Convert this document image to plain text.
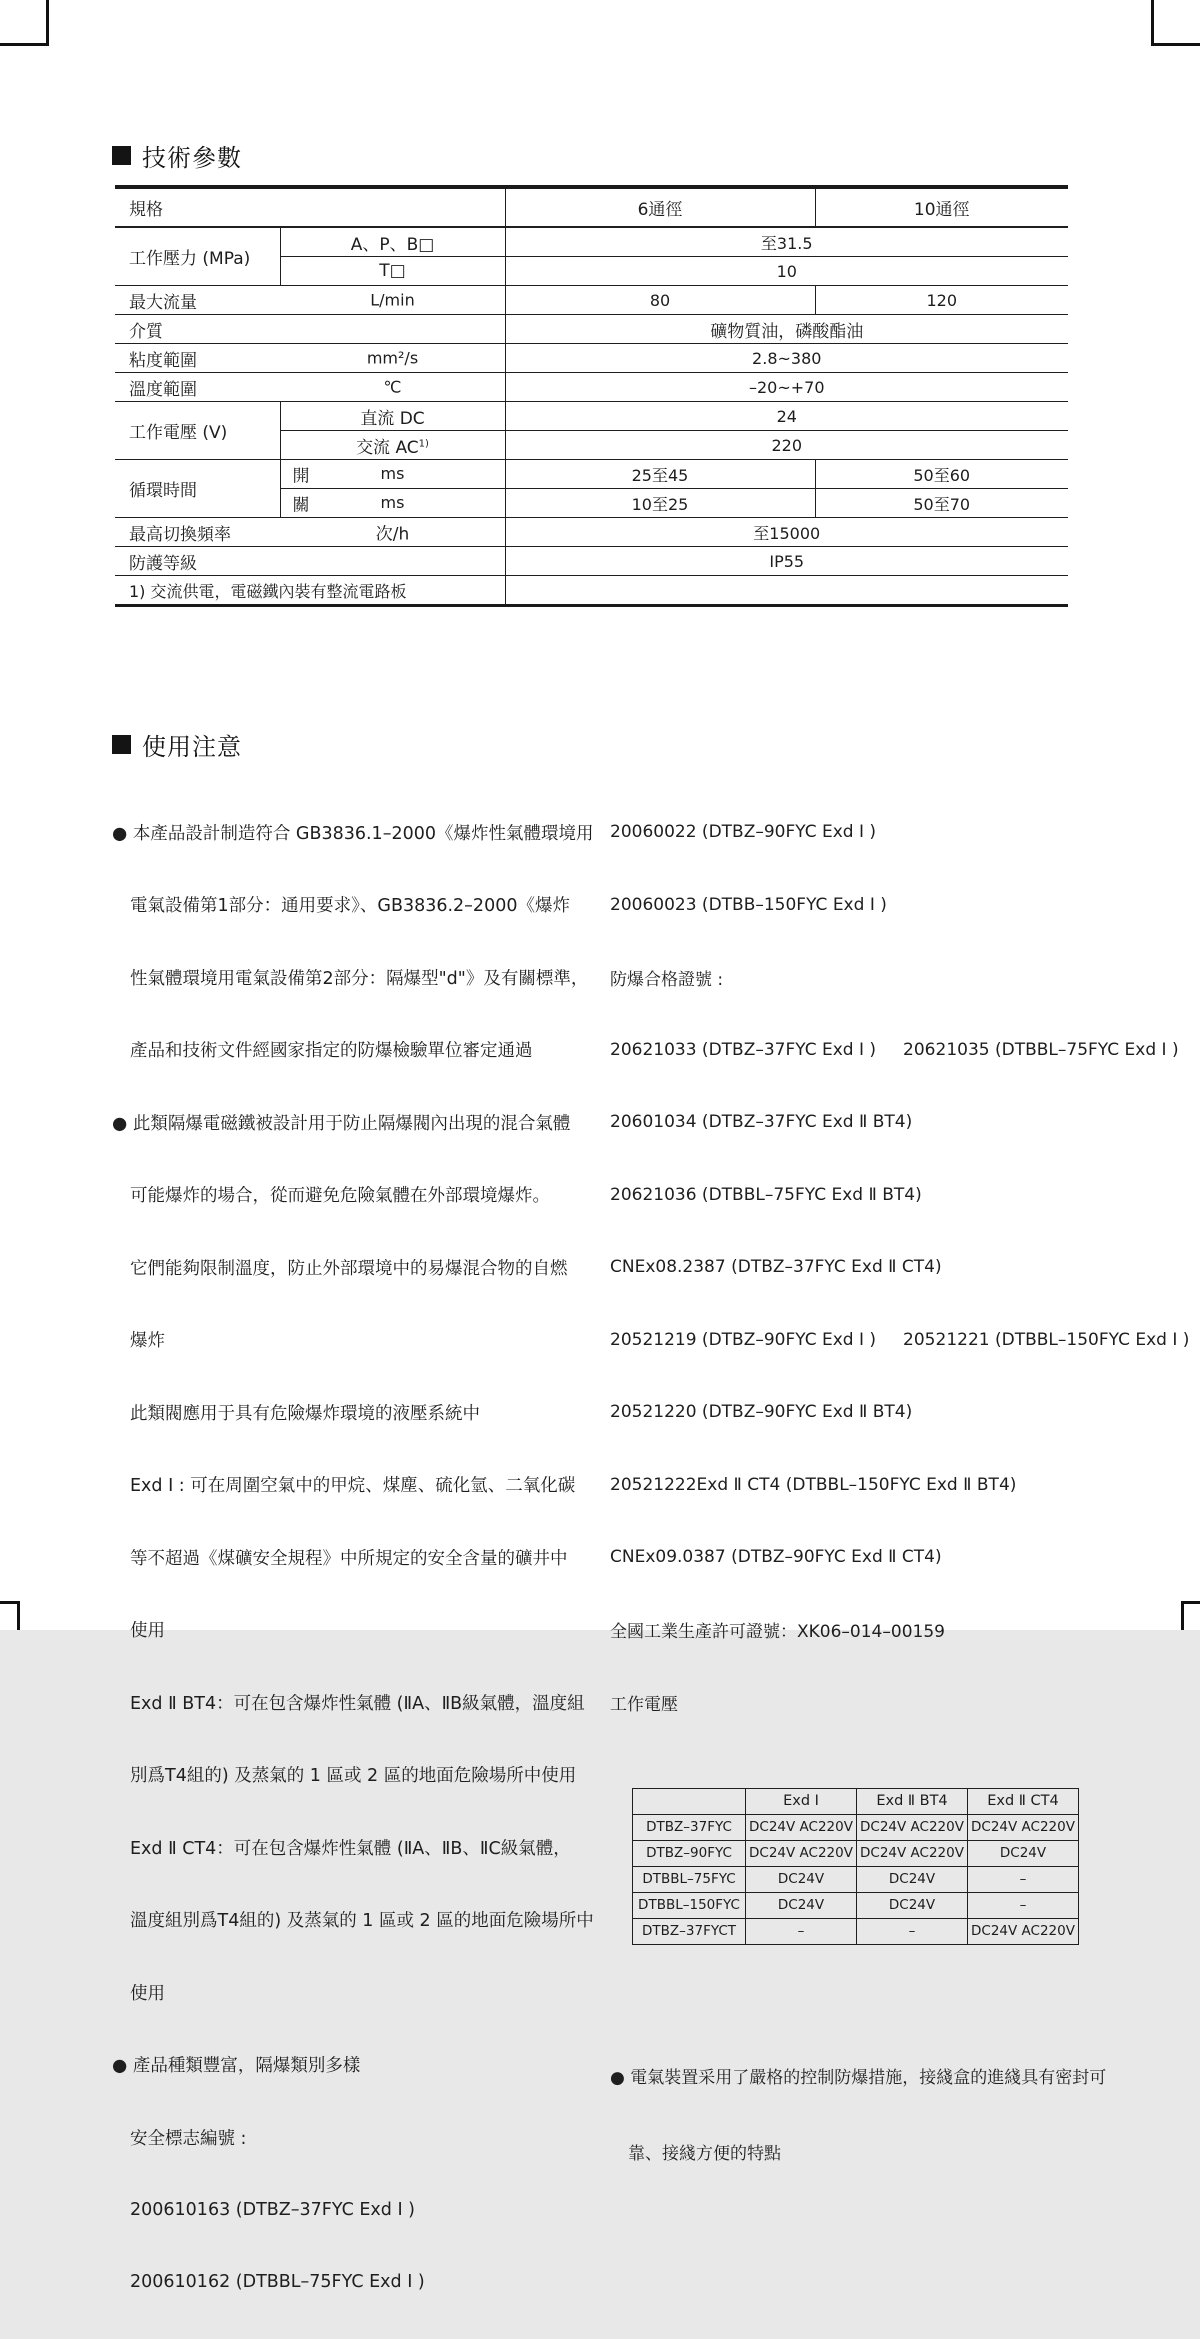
技術參數
規格		6通徑	10通徑
工作壓力 (MPa)	A、P、B□	至31.5	
	T□	10	
最大流量 L/min		80	120
介質		礦物質油，磷酸酯油	
粘度範圍 mm²/s		2.8~380	
溫度範圍 ℃		–20~+70	
工作電壓 (V)	直流 DC	24	
	交流 AC$^{1)}$	220	
循環時間	開 ms	25至45	50至60

	關 ms	10至25	50至70
最高切換頻率 次/h		至15000	
防護等級		IP55	
1) 交流供電，電磁鐵內裝有整流電路板			
使用注意

● 本產品設計制造符合 GB3836.1–2000《爆炸性氣體環境用

電氣設備第1部分：通用要求》、GB3836.2–2000《爆炸

性氣體環境用電氣設備第2部分：隔爆型"d"》及有關標準，

產品和技術文件經國家指定的防爆檢驗單位審定通過

● 此類隔爆電磁鐵被設計用于防止隔爆閥內出現的混合氣體

可能爆炸的場合，從而避免危險氣體在外部環境爆炸。

它們能夠限制溫度，防止外部環境中的易爆混合物的自燃

爆炸

此類閥應用于具有危險爆炸環境的液壓系統中

Exd Ⅰ : 可在周圍空氣中的甲烷、煤塵、硫化氫、二氧化碳

等不超過《煤礦安全規程》中所規定的安全含量的礦井中

使用

Exd Ⅱ BT4：可在包含爆炸性氣體 (ⅡA、ⅡB級氣體，溫度組

別爲T4組的) 及蒸氣的 1 區或 2 區的地面危險場所中使用

Exd Ⅱ CT4：可在包含爆炸性氣體 (ⅡA、ⅡB、ⅡC級氣體，

溫度組別爲T4組的) 及蒸氣的 1 區或 2 區的地面危險場所中

使用

● 產品種類豐富，隔爆類別多樣

安全標志編號 :

200610163 (DTBZ–37FYC Exd Ⅰ )

200610162 (DTBBL–75FYC Exd Ⅰ )

20060022 (DTBZ–90FYC Exd Ⅰ )

20060023 (DTBB–150FYC Exd Ⅰ )

防爆合格證號 :

20621033 (DTBZ–37FYC Exd Ⅰ )     20621035 (DTBBL–75FYC Exd Ⅰ )

20601034 (DTBZ–37FYC Exd Ⅱ BT4)

20621036 (DTBBL–75FYC Exd Ⅱ BT4)

CNEx08.2387 (DTBZ–37FYC Exd Ⅱ CT4)

20521219 (DTBZ–90FYC Exd Ⅰ )     20521221 (DTBBL–150FYC Exd Ⅰ )

20521220 (DTBZ–90FYC Exd Ⅱ BT4)

20521222Exd Ⅱ CT4 (DTBBL–150FYC Exd Ⅱ BT4)

CNEx09.0387 (DTBZ–90FYC Exd Ⅱ CT4)

全國工業生產許可證號：XK06–014–00159

工作電壓

	Exd Ⅰ	Exd Ⅱ BT4	Exd Ⅱ CT4
DTBZ–37FYC	DC24V AC220V	DC24V AC220V	DC24V AC220V
DTBZ–90FYC	DC24V AC220V	DC24V AC220V	DC24V
DTBBL–75FYC	DC24V	DC24V	–
DTBBL–150FYC	DC24V	DC24V	–
DTBZ–37FYCT	–	–	DC24V AC220V

● 電氣裝置采用了嚴格的控制防爆措施，接綫盒的進綫具有密封可

靠、接綫方便的特點
